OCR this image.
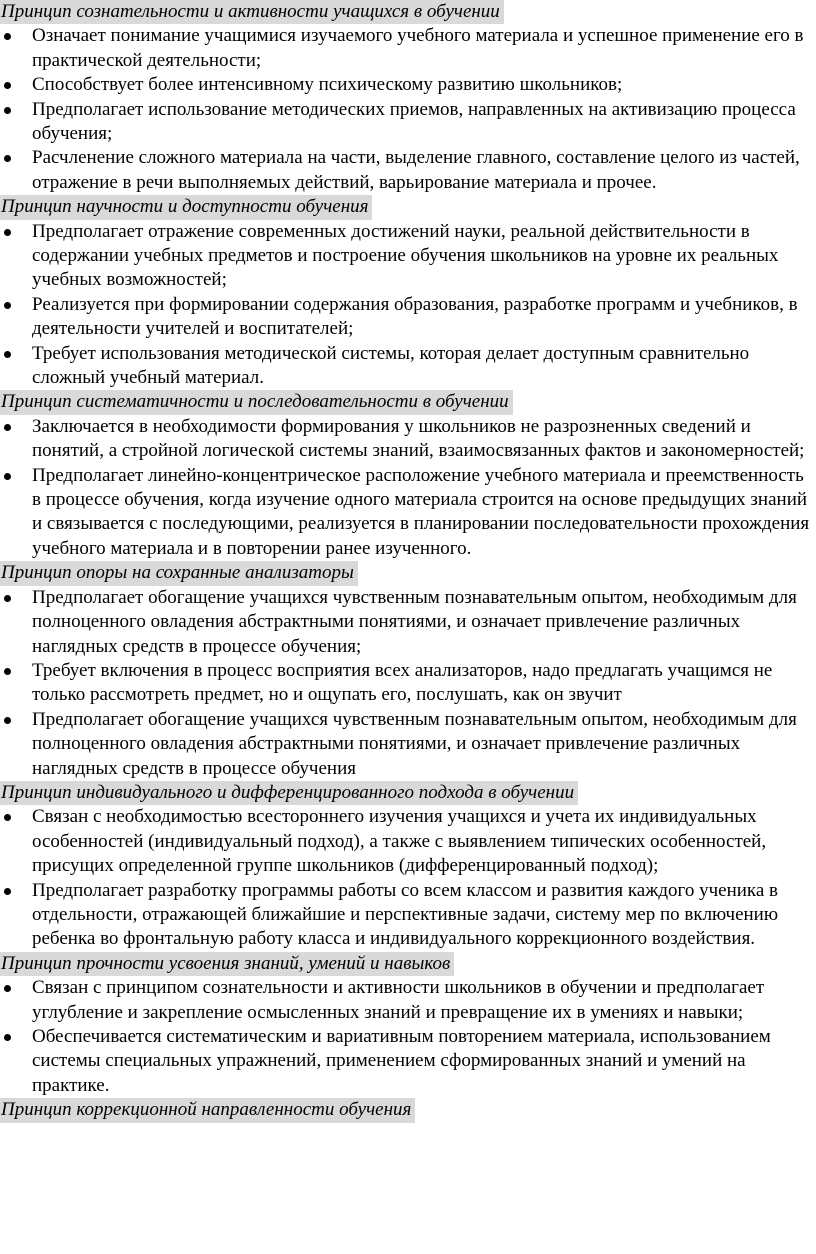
Принцип сознательности и активности учащихся в обучении
Означает понимание учащимися изучаемого учебного материала и успешное применение его в практической деятельности;
Способствует более интенсивному психическому развитию школьников;
Предполагает использование методических приемов, направленных на активизацию процесса обучения;
Расчленение сложного материала на части, выделение главного, составление целого из частей, отражение в речи выполняемых действий, варьирование материала и прочее.
Принцип научности и доступности обучения
Предполагает отражение современных достижений науки, реальной действительности в содержании учебных предметов и построение обучения школьников на уровне их реальных учебных возможностей;
Реализуется при формировании содержания образования, разработке программ и учебников, в деятельности учителей и воспитателей;
Требует использования методической системы, которая делает доступным сравнительно сложный учебный материал.
Принцип систематичности и последовательности в обучении
Заключается в необходимости формирования у школьников не разрозненных сведений и понятий, а стройной логической системы знаний, взаимосвязанных фактов и закономерностей;
Предполагает линейно-концентрическое расположение учебного материала и преемственность в процессе обучения, когда изучение одного материала строится на основе предыдущих знаний и связывается с последующими, реализуется в планировании последовательности прохождения учебного материала и в повторении ранее изученного.
Принцип опоры на сохранные анализаторы
Предполагает обогащение учащихся чувственным познавательным опытом, необходимым для полноценного овладения абстрактными понятиями, и означает привлечение различных наглядных средств в процессе обучения;
Требует включения в процесс восприятия всех анализаторов, надо предлагать учащимся не только рассмотреть предмет, но и ощупать его, послушать, как он звучит
Предполагает обогащение учащихся чувственным познавательным опытом, необходимым для полноценного овладения абстрактными понятиями, и означает привлечение различных наглядных средств в процессе обучения
Принцип индивидуального и дифференцированного подхода в обучении
Связан с необходимостью всестороннего изучения учащихся и учета их индивидуальных особенностей (индивидуальный подход), а также с выявлением типических особенностей, присущих определенной группе школьников (дифференцированный подход);
Предполагает разработку программы работы со всем классом и развития каждого ученика в отдельности, отражающей ближайшие и перспективные задачи, систему мер по включению ребенка во фронтальную работу класса и индивидуального коррекционного воздействия.
Принцип прочности усвоения знаний, умений и навыков
Связан с принципом сознательности и активности школьников в обучении и предполагает углубление и закрепление осмысленных знаний и превращение их в умениях и навыки;
Обеспечивается систематическим и вариативным повторением материала, использованием системы специальных упражнений, применением сформированных знаний и умений на практике.
Принцип коррекционной направленности обучения
